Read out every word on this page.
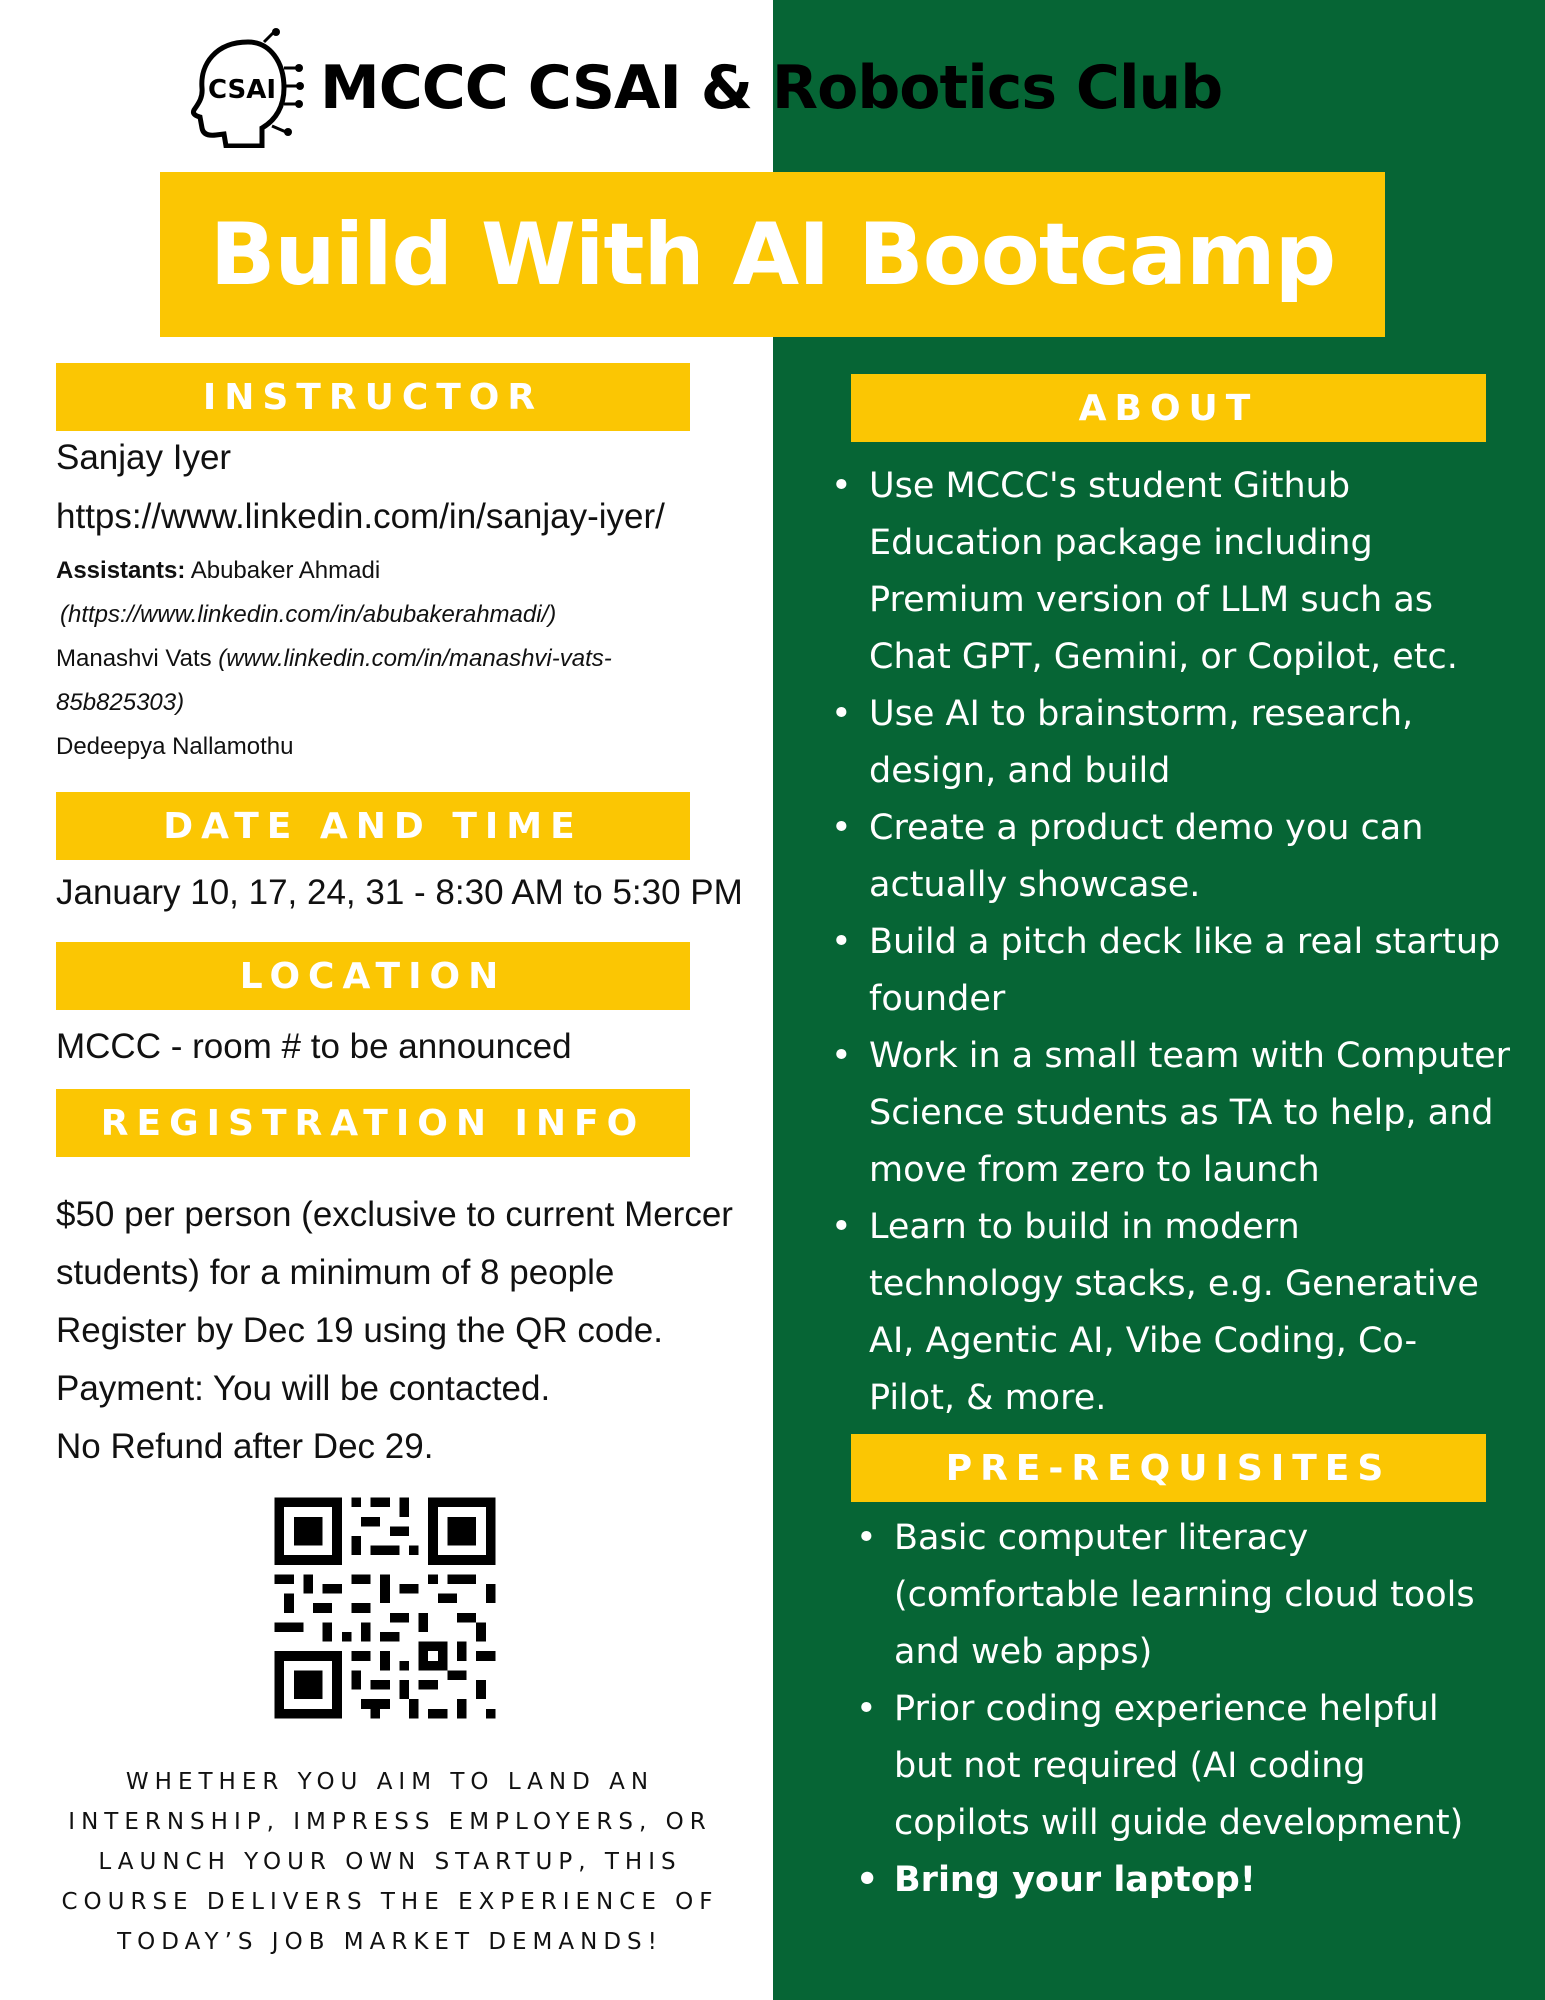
CSAI MCCC CSAI & Robotics Club
Build With AI Bootcamp
INSTRUCTOR
Sanjay Iyer
https://www.linkedin.com/in/sanjay-iyer/
Assistants: Abubaker Ahmadi
(https://www.linkedin.com/in/abubakerahmadi/)
Manashvi Vats (www.linkedin.com/in/manashvi-vats-
85b825303)
Dedeepya Nallamothu
DATE AND TIME
January 10, 17, 24, 31 - 8:30 AM to 5:30 PM
LOCATION
MCCC - room # to be announced
REGISTRATION INFO
$50 per person (exclusive to current Mercer
students) for a minimum of 8 people
Register by Dec 19 using the QR code.
Payment: You will be contacted.
No Refund after Dec 29.
WHETHER YOU AIM TO LAND AN
INTERNSHIP, IMPRESS EMPLOYERS, OR
LAUNCH YOUR OWN STARTUP, THIS
COURSE DELIVERS THE EXPERIENCE OF
TODAY’S JOB MARKET DEMANDS!
ABOUT
• Use MCCC's student Github
Education package including
Premium version of LLM such as
Chat GPT, Gemini, or Copilot, etc.
• Use AI to brainstorm, research,
design, and build
• Create a product demo you can
actually showcase.
• Build a pitch deck like a real startup
founder
• Work in a small team with Computer
Science students as TA to help, and
move from zero to launch
• Learn to build in modern
technology stacks, e.g. Generative
AI, Agentic AI, Vibe Coding, Co-
Pilot, & more.
PRE-REQUISITES
• Basic computer literacy
(comfortable learning cloud tools
and web apps)
• Prior coding experience helpful
but not required (AI coding
copilots will guide development)
• Bring your laptop!
